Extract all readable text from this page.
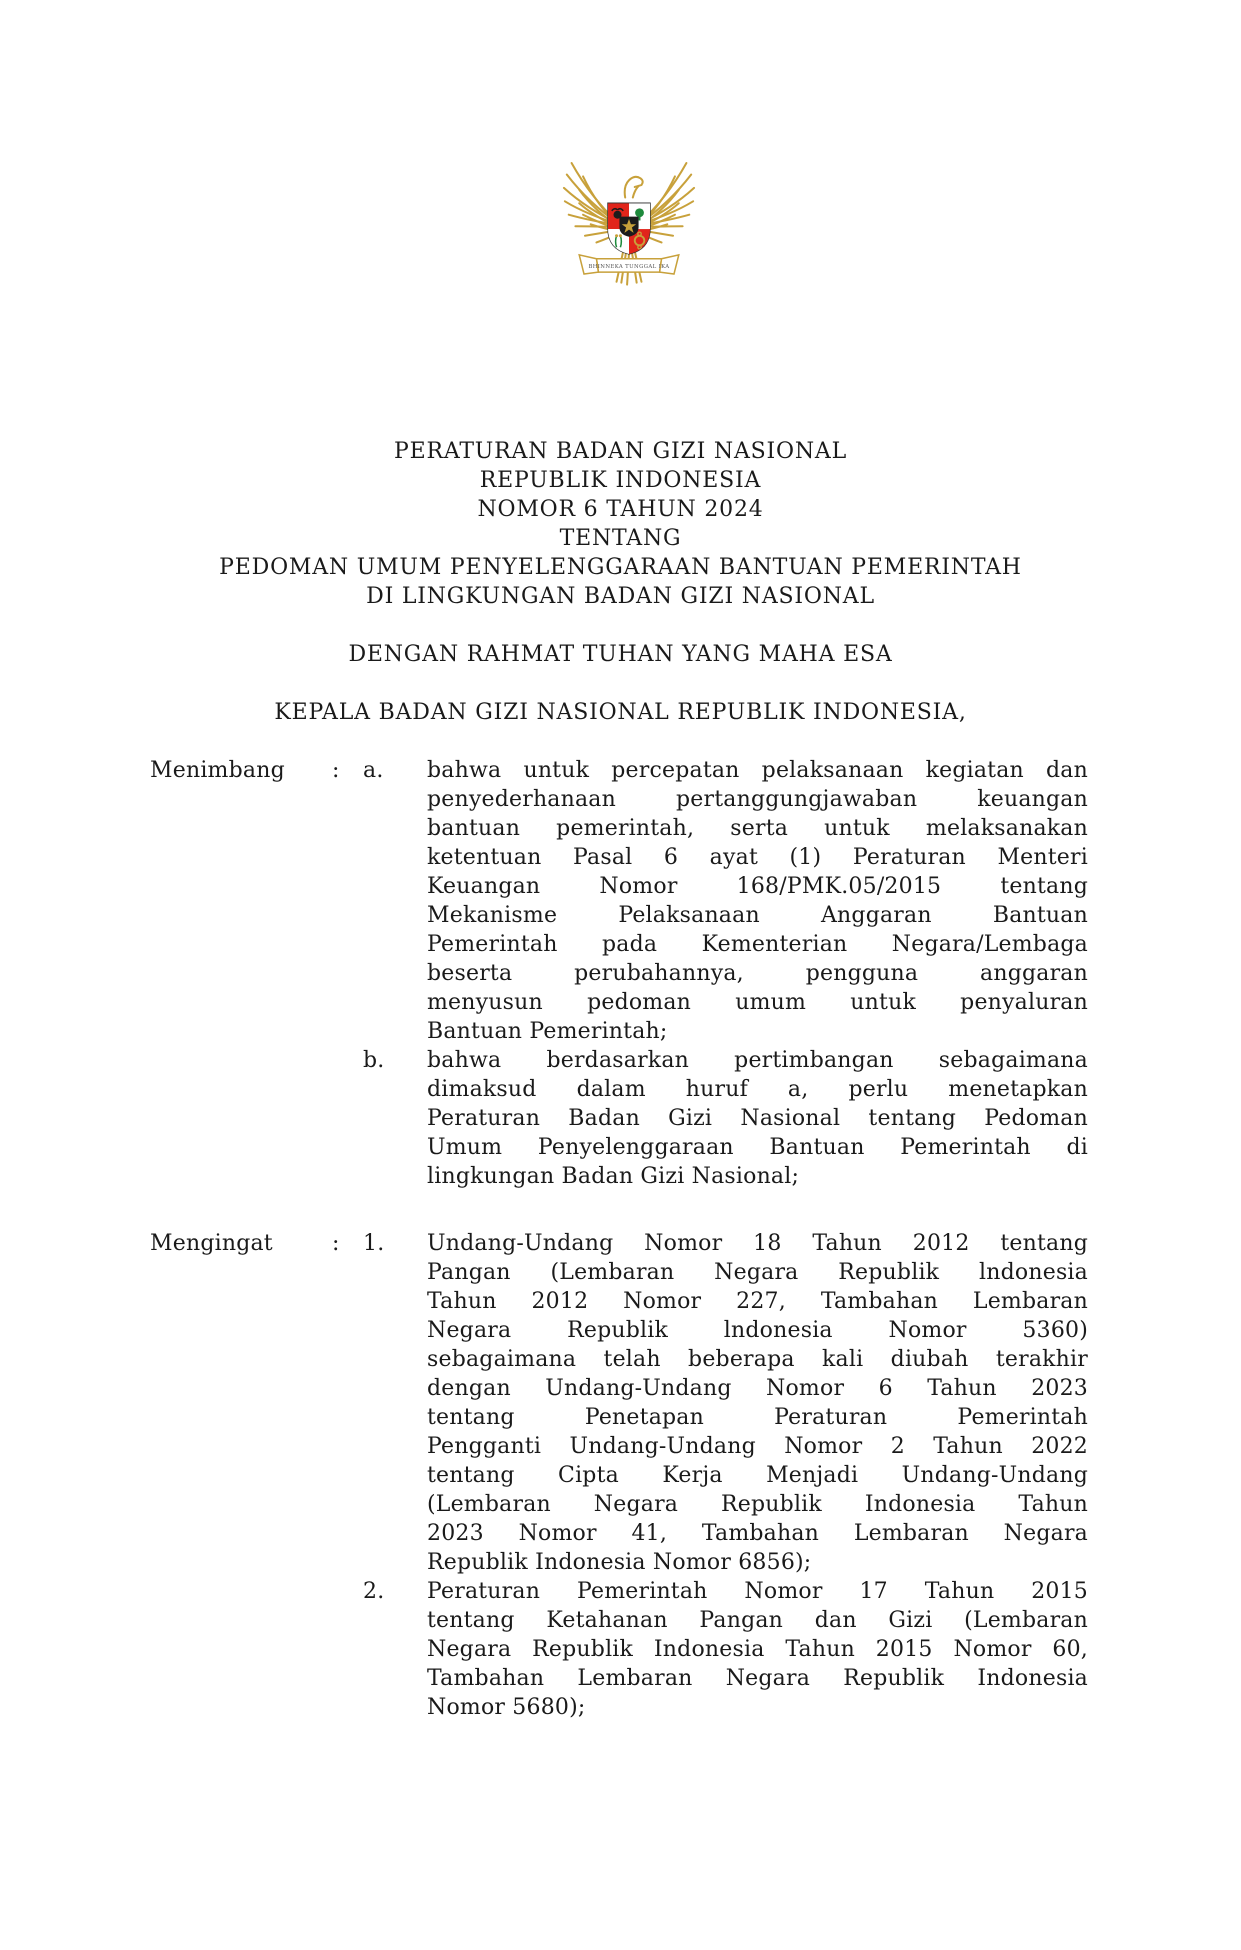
BHINNEKA TUNGGAL IKA
PERATURAN BADAN GIZI NASIONAL
REPUBLIK INDONESIA
NOMOR 6 TAHUN 2024
TENTANG
PEDOMAN UMUM PENYELENGGARAAN BANTUAN PEMERINTAH
DI LINGKUNGAN BADAN GIZI NASIONAL
DENGAN RAHMAT TUHAN YANG MAHA ESA
KEPALA BADAN GIZI NASIONAL REPUBLIK INDONESIA,
Menimbang	:	a.	bahwa untuk percepatan pelaksanaan kegiatan dan
penyederhanaan pertanggungjawaban keuangan
bantuan pemerintah, serta untuk melaksanakan
ketentuan Pasal 6 ayat (1) Peraturan Menteri
Keuangan Nomor 168/PMK.05/2015 tentang
Mekanisme Pelaksanaan Anggaran Bantuan
Pemerintah pada Kementerian Negara/Lembaga
beserta perubahannya, pengguna anggaran
menyusun pedoman umum untuk penyaluran
Bantuan Pemerintah;
b.	bahwa berdasarkan pertimbangan sebagaimana
dimaksud dalam huruf a, perlu menetapkan
Peraturan Badan Gizi Nasional tentang Pedoman
Umum Penyelenggaraan Bantuan Pemerintah di
lingkungan Badan Gizi Nasional;
Mengingat	:	1.	Undang-Undang Nomor 18 Tahun 2012 tentang
Pangan (Lembaran Negara Republik lndonesia
Tahun 2012 Nomor 227, Tambahan Lembaran
Negara Republik lndonesia Nomor 5360)
sebagaimana telah beberapa kali diubah terakhir
dengan Undang-Undang Nomor 6 Tahun 2023
tentang Penetapan Peraturan Pemerintah
Pengganti Undang-Undang Nomor 2 Tahun 2022
tentang Cipta Kerja Menjadi Undang-Undang
(Lembaran Negara Republik Indonesia Tahun
2023 Nomor 41, Tambahan Lembaran Negara
Republik Indonesia Nomor 6856);
2.	Peraturan Pemerintah Nomor 17 Tahun 2015
tentang Ketahanan Pangan dan Gizi (Lembaran
Negara Republik Indonesia Tahun 2015 Nomor 60,
Tambahan Lembaran Negara Republik Indonesia
Nomor 5680);
